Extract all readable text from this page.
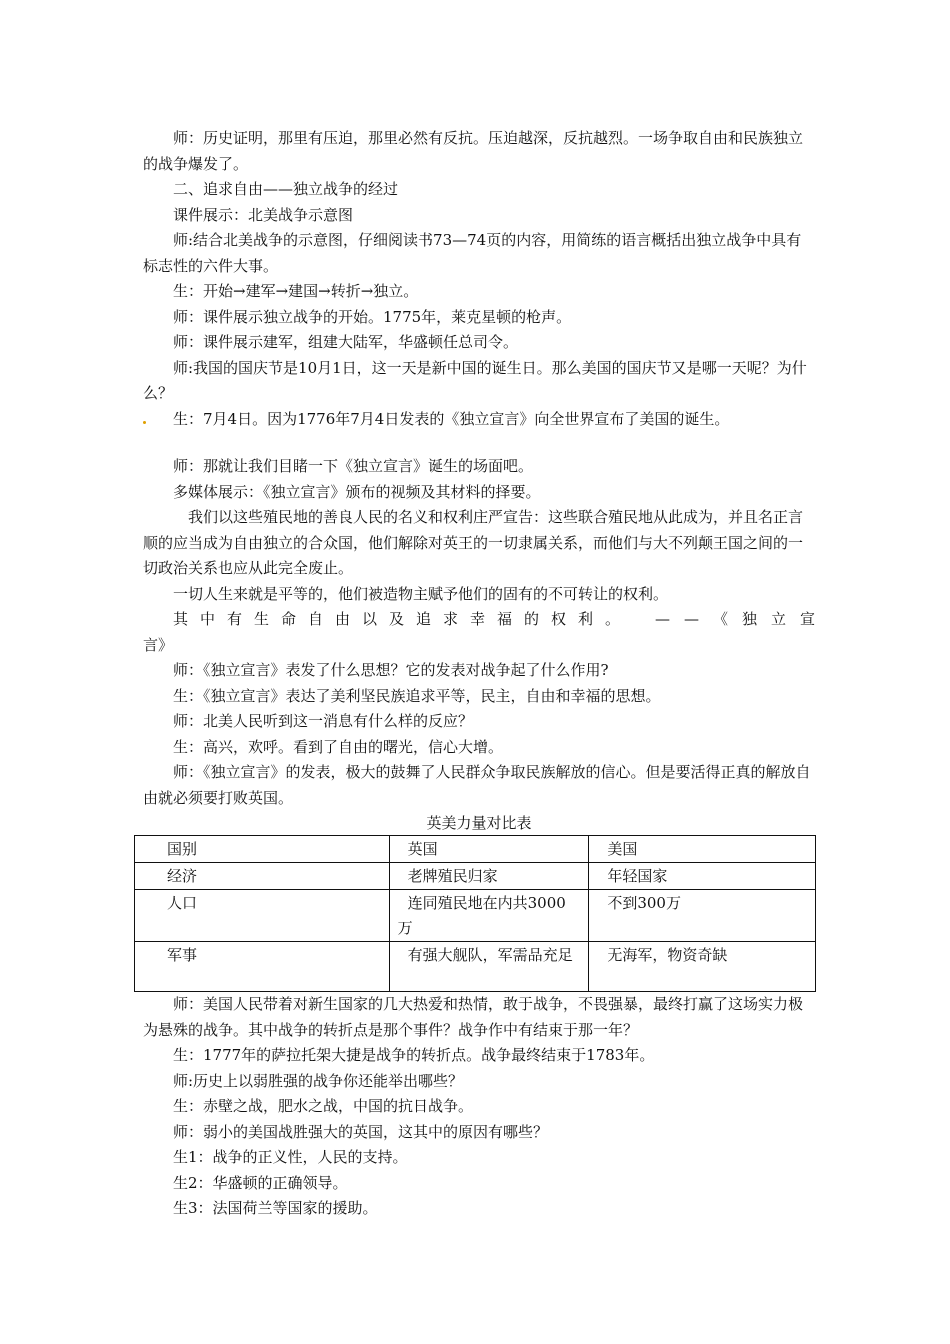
师：历史证明，那里有压迫，那里必然有反抗。压迫越深，反抗越烈。一场争取自由和民族独立的战争爆发了。

二、追求自由——独立战争的经过

课件展示：北美战争示意图

师:结合北美战争的示意图，仔细阅读书73—74页的内容，用简练的语言概括出独立战争中具有标志性的六件大事。

生：开始→建军→建国→转折→独立。

师：课件展示独立战争的开始。1775年，莱克星顿的枪声。

师：课件展示建军，组建大陆军，华盛顿任总司令。

师:我国的国庆节是10月1日，这一天是新中国的诞生日。那么美国的国庆节又是哪一天呢？为什么？

生：7月4日。因为1776年7月4日发表的《独立宣言》向全世界宣布了美国的诞生。

师：那就让我们目睹一下《独立宣言》诞生的场面吧。

多媒体展示：《独立宣言》颁布的视频及其材料的择要。

我们以这些殖民地的善良人民的名义和权利庄严宣告：这些联合殖民地从此成为，并且名正言顺的应当成为自由独立的合众国，他们解除对英王的一切隶属关系，而他们与大不列颠王国之间的一切政治关系也应从此完全废止。

一切人生来就是平等的，他们被造物主赋予他们的固有的不可转让的权利。

其中有生命自由以及追求幸福的权利。 ——《独立宣

言》

师：《独立宣言》表发了什么思想？它的发表对战争起了什么作用?

生：《独立宣言》表达了美利坚民族追求平等，民主，自由和幸福的思想。

师：北美人民听到这一消息有什么样的反应？

生：高兴，欢呼。看到了自由的曙光，信心大增。

师：《独立宣言》的发表，极大的鼓舞了人民群众争取民族解放的信心。但是要活得正真的解放自由就必须要打败英国。

英美力量对比表

国别	英国	美国

经济	老牌殖民归家	年轻国家

人口	连同殖民地在内共3000万	不到300万

军事	有强大舰队，军需品充足	无海军，物资奇缺

师：美国人民带着对新生国家的几大热爱和热情，敢于战争，不畏强暴，最终打赢了这场实力极为悬殊的战争。其中战争的转折点是那个事件？战争作中有结束于那一年？

生：1777年的萨拉托架大捷是战争的转折点。战争最终结束于1783年。

师:历史上以弱胜强的战争你还能举出哪些？

生：赤壁之战，肥水之战，中国的抗日战争。

师：弱小的美国战胜强大的英国，这其中的原因有哪些？

生1：战争的正义性，人民的支持。

生2：华盛顿的正确领导。

生3：法国荷兰等国家的援助。
